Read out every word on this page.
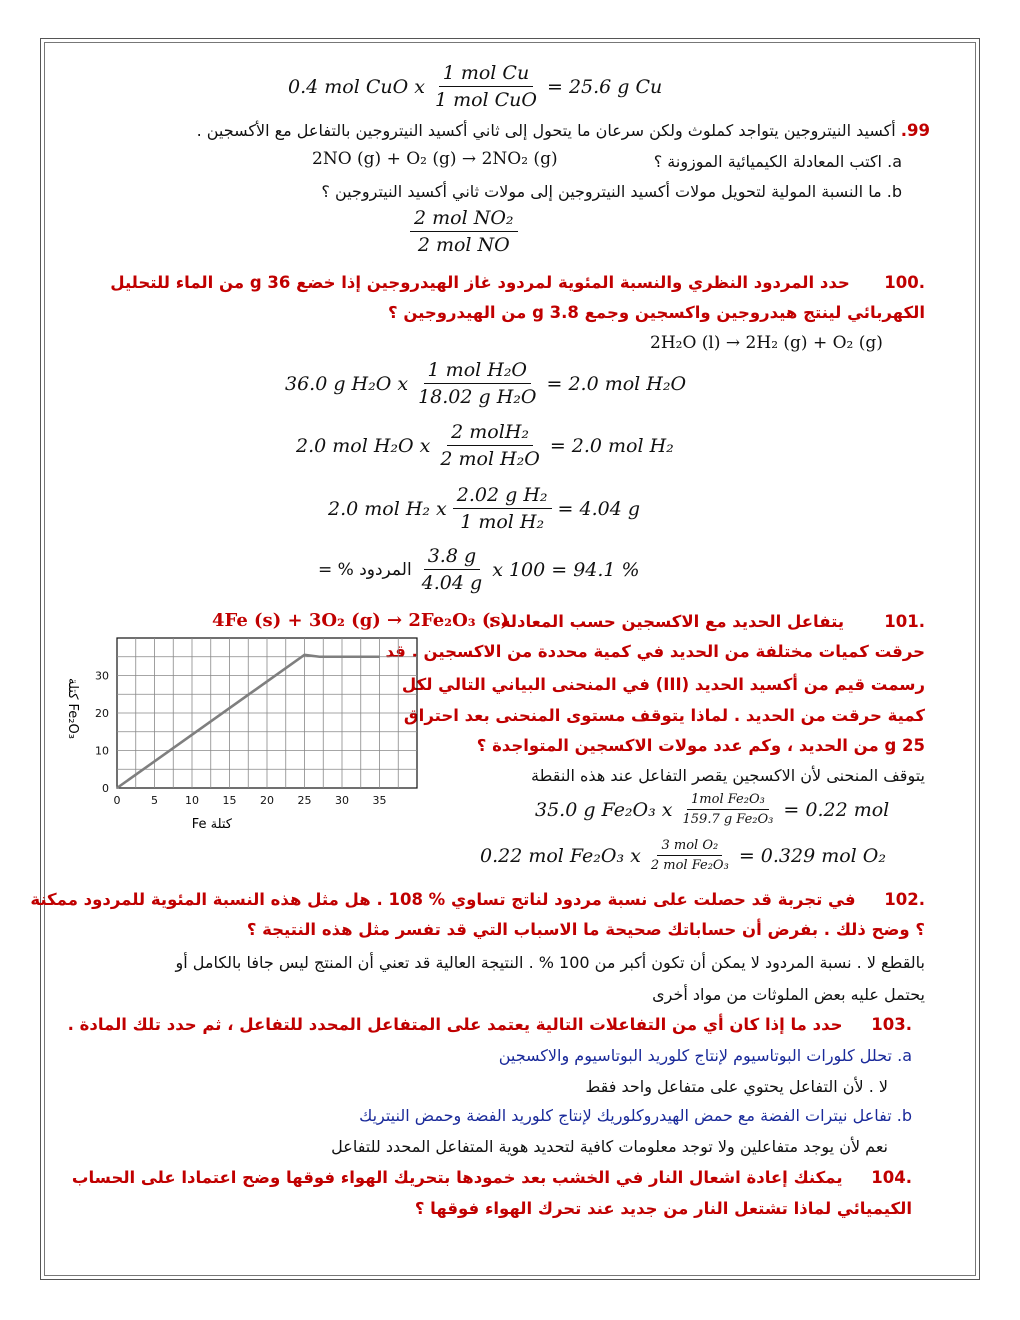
0.4 mol CuO x $\frac{\text{1 mol Cu}}{\text{1 mol CuO}} = 25.6$ g Cu
99. أكسيد النيتروجين يتواجد كملوث ولكن سرعان ما يتحول إلى ثاني أكسيد النيتروجين بالتفاعل مع الأكسجين .
a. اكتب المعادلة الكيميائية الموزونة ؟
2NO (g) + O₂ (g) → 2NO₂ (g)
b. ما النسبة المولية لتحويل مولات أكسيد النيتروجين إلى مولات ثاني أكسيد النيتروجين ؟
$\frac{\text{2 mol NO₂}}{\text{2 mol NO}}$
.100      حدد المردود النظري والنسبة المئوية لمردود غاز الهيدروجين إذا خضع 36 g من الماء للتحليل
الكهربائي لينتج هيدروجين واكسجين وجمع 3.8 g من الهيدروجين ؟
2H₂O (l) → 2H₂ (g) + O₂ (g)
36.0 g H₂O x $\frac{\text{1 mol H₂O}}{\text{18.02 g H₂O}} = 2.0$ mol H₂O
2.0 mol H₂O x $\frac{\text{2 molH₂}}{\text{2 mol H₂O}} = 2.0$ mol H₂
2.0 mol H₂ x $\frac{\text{2.02 g H₂}}{\text{1 mol H₂}} = 4.04$ g
المردود % = $\frac{3.8 g}{4.04 g}$ x 100 = 94.1 %
.101       يتفاعل الحديد مع الاكسجين حسب المعادلة :
4Fe (s) + 3O₂ (g) → 2Fe₂O₃ (s)
حرقت كميات مختلفة من الحديد في كمية محددة من الاكسجين . قد
رسمت قيم من أكسيد الحديد (III) في المنحنى البياني التالي لكل
كمية حرقت من الحديد . لماذا يتوقف مستوى المنحنى بعد احتراق
25 g من الحديد ، وكم عدد مولات الاكسجين المتواجدة ؟
يتوقف المنحنى لأن الاكسجين يقصر التفاعل عند هذه النقطة
0	5 10 15 20 25 30 35
0
10
20
30
كتلة Fe₂O₃
كتلة Fe
35.0 g Fe₂O₃ x $\frac{\text{1mol Fe₂O₃}}{\text{159.7 g Fe₂O₃}} = 0.22$ mol
0.22 mol Fe₂O₃ x $\frac{\text{3 mol O₂}}{\text{2 mol Fe₂O₃}} = 0.329$ mol O₂
.102     في تجربة قد حصلت على نسبة مردود لناتج تساوي % 108 . هل مثل هذه النسبة المئوية للمردود ممكنة
؟ وضح ذلك . بفرض أن حساباتك صحيحة ما الاسباب التي قد تفسر مثل هذه النتيجة ؟
بالقطع لا . نسبة المردود لا يمكن أن تكون أكبر من 100 % . النتيجة العالية قد تعني أن المنتج ليس جافا بالكامل أو
يحتمل عليه بعض الملوثات من مواد أخرى
.103     حدد ما إذا كان أي من التفاعلات التالية يعتمد على المتفاعل المحدد للتفاعل ، ثم حدد تلك المادة .
a. تحلل كلورات البوتاسيوم لإنتاج كلوريد البوتاسيوم والاكسجين
لا . لأن التفاعل يحتوي على متفاعل واحد فقط
b. تفاعل نيترات الفضة مع حمض الهيدروكلوريك لإنتاج كلوريد الفضة وحمض النيتريك
نعم لأن يوجد متفاعلين ولا توجد معلومات كافية لتحديد هوية المتفاعل المحدد للتفاعل
.104     يمكنك إعادة اشعال النار في الخشب بعد خمودها بتحريك الهواء فوقها وضح اعتمادا على الحساب
الكيميائي لماذا تشتعل النار من جديد عند تحرك الهواء فوقها ؟
